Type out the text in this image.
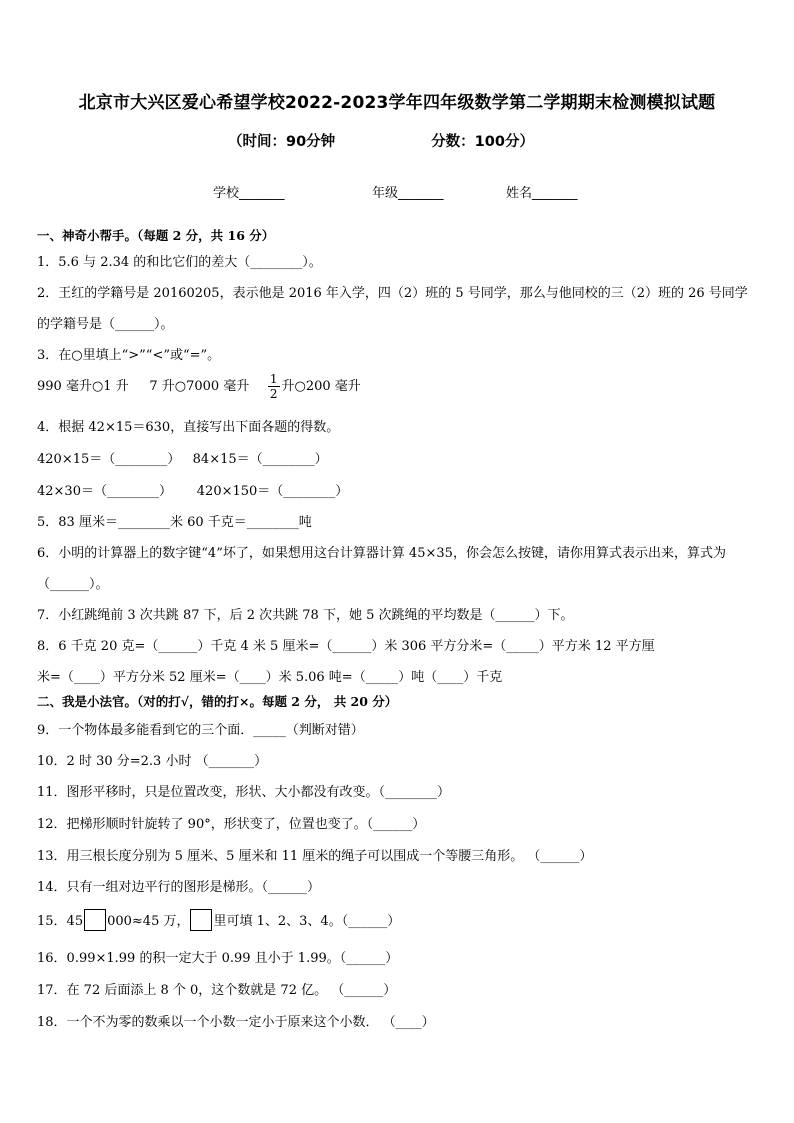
北京市大兴区爱心希望学校2022-2023学年四年级数学第二学期期末检测模拟试题
（时间：90分钟	分数：100分）
学校_______	年级_______	姓名_______
一、神奇小帮手。（每题 2 分，共 16 分）
1．5.6 与 2.34 的和比它们的差大（________）。
2．王红的学籍号是 20160205，表示他是 2016 年入学，四（2）班的 5 号同学，那么与他同校的三（2）班的 26 号同学
的学籍号是（______）。
3．在○里填上“>”“<”或“=”。
990 毫升○1 升 7 升○7000 毫升 $\frac{1}{2}$ 升○200 毫升
4．根据 42×15＝630，直接写出下面各题的得数。
420×15＝（________） 84×15＝（________）
42×30＝（________） 420×150＝（________）
5．83 厘米＝________米 60 千克＝________吨
6．小明的计算器上的数字键“4”坏了，如果想用这台计算器计算 45×35，你会怎么按键，请你用算式表示出来，算式为
（______）。
7．小红跳绳前 3 次共跳 87 下，后 2 次共跳 78 下，她 5 次跳绳的平均数是（______）下。
8．6 千克 20 克=（______）千克 4 米 5 厘米=（______）米 306 平方分米=（_____）平方米 12 平方厘
米=（____）平方分米 52 厘米=（____）米 5.06 吨=（_____）吨（____）千克
二、我是小法官。（对的打√，错的打×。每题 2 分， 共 20 分）
9．一个物体最多能看到它的三个面．_____（判断对错）
10．2 时 30 分=2.3 小时 （_______）
11．图形平移时，只是位置改变，形状、大小都没有改变。（________）
12．把梯形顺时针旋转了 90°，形状变了，位置也变了。（______）
13．用三根长度分别为 5 厘米、5 厘米和 11 厘米的绳子可以围成一个等腰三角形。 （______）
14．只有一组对边平行的图形是梯形。（______）
15．45 000≈45 万， 里可填 1、2、3、4。（______）
16．0.99×1.99 的积一定大于 0.99 且小于 1.99。（______）
17．在 72 后面添上 8 个 0，这个数就是 72 亿。 （______）
18．一个不为零的数乘以一个小数一定小于原来这个小数． （____）
